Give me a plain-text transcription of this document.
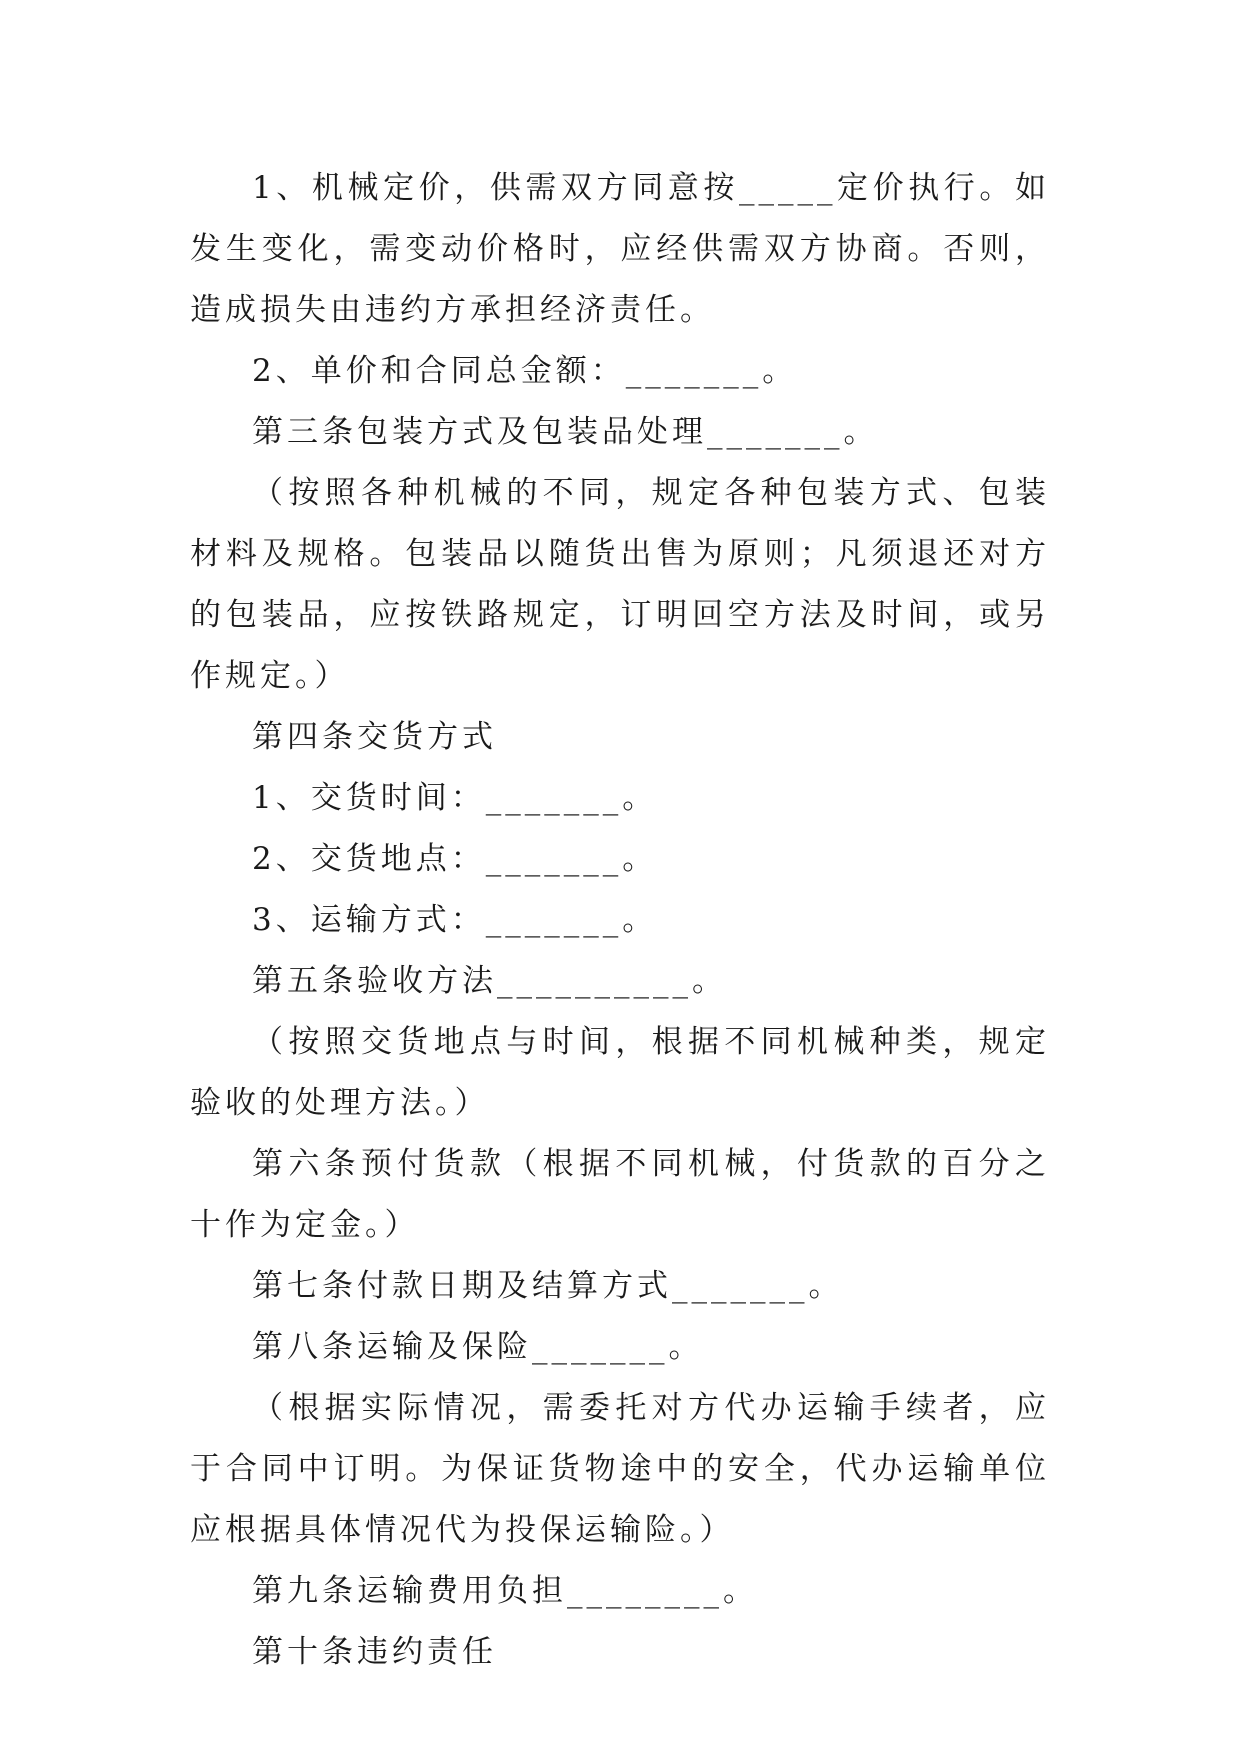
1、机械定价，供需双方同意按_____定价执行。如发生变化，需变动价格时，应经供需双方协商。否则，造成损失由违约方承担经济责任。

2、单价和合同总金额：_______。

第三条包装方式及包装品处理_______。

（按照各种机械的不同，规定各种包装方式、包装材料及规格。包装品以随货出售为原则；凡须退还对方的包装品，应按铁路规定，订明回空方法及时间，或另作规定。）

第四条交货方式

1、交货时间：_______。

2、交货地点：_______。

3、运输方式：_______。

第五条验收方法__________。

（按照交货地点与时间，根据不同机械种类，规定验收的处理方法。）

第六条预付货款（根据不同机械，付货款的百分之十作为定金。）

第七条付款日期及结算方式_______。

第八条运输及保险_______。

（根据实际情况，需委托对方代办运输手续者，应于合同中订明。为保证货物途中的安全，代办运输单位应根据具体情况代为投保运输险。）

第九条运输费用负担________。

第十条违约责任
